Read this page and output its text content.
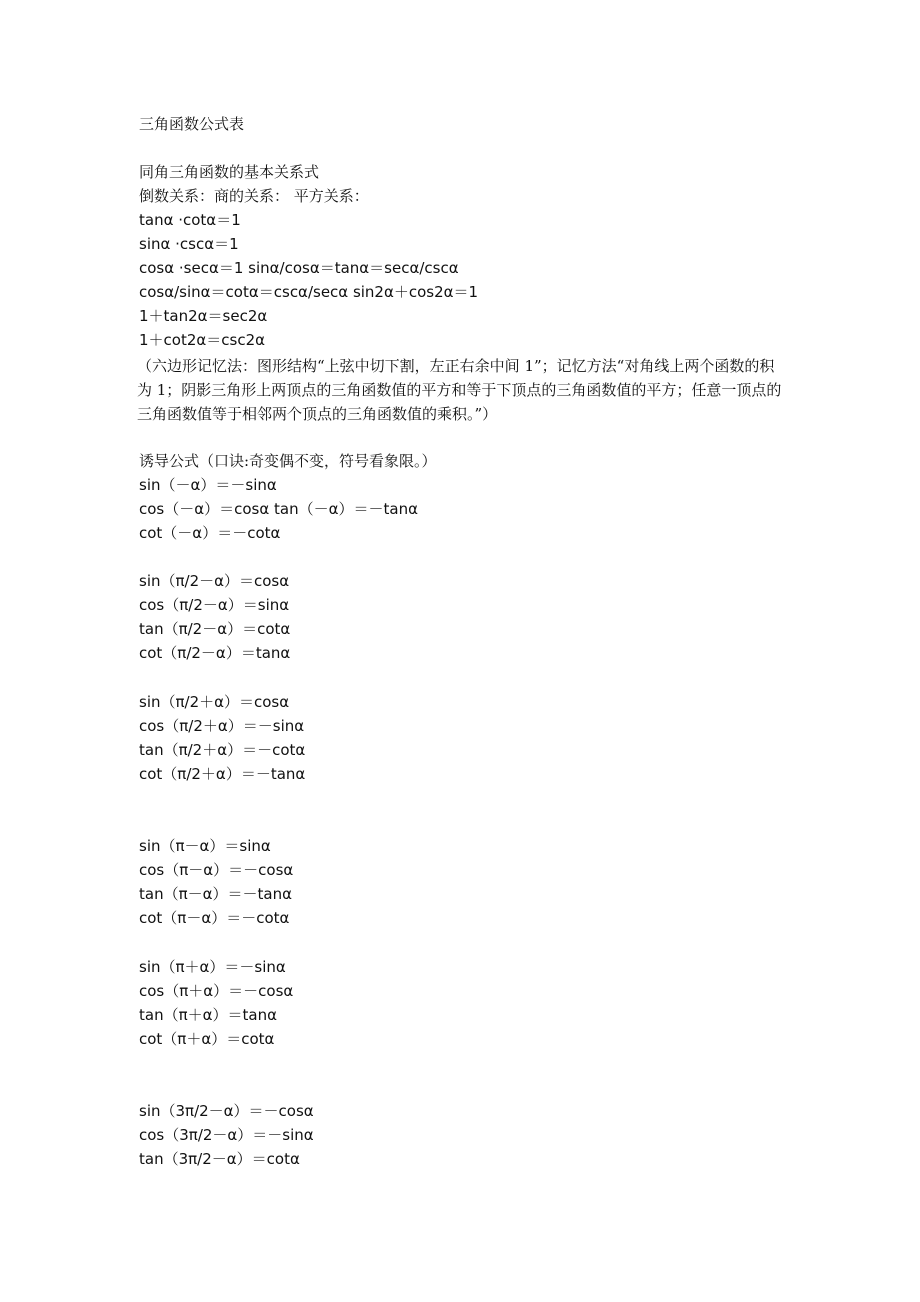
三角函数公式表
同角三角函数的基本关系式
倒数关系：商的关系： 平方关系：
tanα ·cotα＝1
sinα ·cscα＝1
cosα ·secα＝1 sinα/cosα＝tanα＝secα/cscα
cosα/sinα＝cotα＝cscα/secα sin2α＋cos2α＝1
1＋tan2α＝sec2α
1＋cot2α＝csc2α
（六边形记忆法：图形结构“上弦中切下割，左正右余中间 1”；记忆方法“对角线上两个函数的积为 1；阴影三角形上两顶点的三角函数值的平方和等于下顶点的三角函数值的平方；任意一顶点的三角函数值等于相邻两个顶点的三角函数值的乘积。”）
诱导公式（口诀:奇变偶不变，符号看象限。）
sin（－α）＝－sinα
cos（－α）＝cosα tan（－α）＝－tanα
cot（－α）＝－cotα
sin（π/2－α）＝cosα
cos（π/2－α）＝sinα
tan（π/2－α）＝cotα
cot（π/2－α）＝tanα
sin（π/2＋α）＝cosα
cos（π/2＋α）＝－sinα
tan（π/2＋α）＝－cotα
cot（π/2＋α）＝－tanα
sin（π－α）＝sinα
cos（π－α）＝－cosα
tan（π－α）＝－tanα
cot（π－α）＝－cotα
sin（π＋α）＝－sinα
cos（π＋α）＝－cosα
tan（π＋α）＝tanα
cot（π＋α）＝cotα
sin（3π/2－α）＝－cosα
cos（3π/2－α）＝－sinα
tan（3π/2－α）＝cotα
